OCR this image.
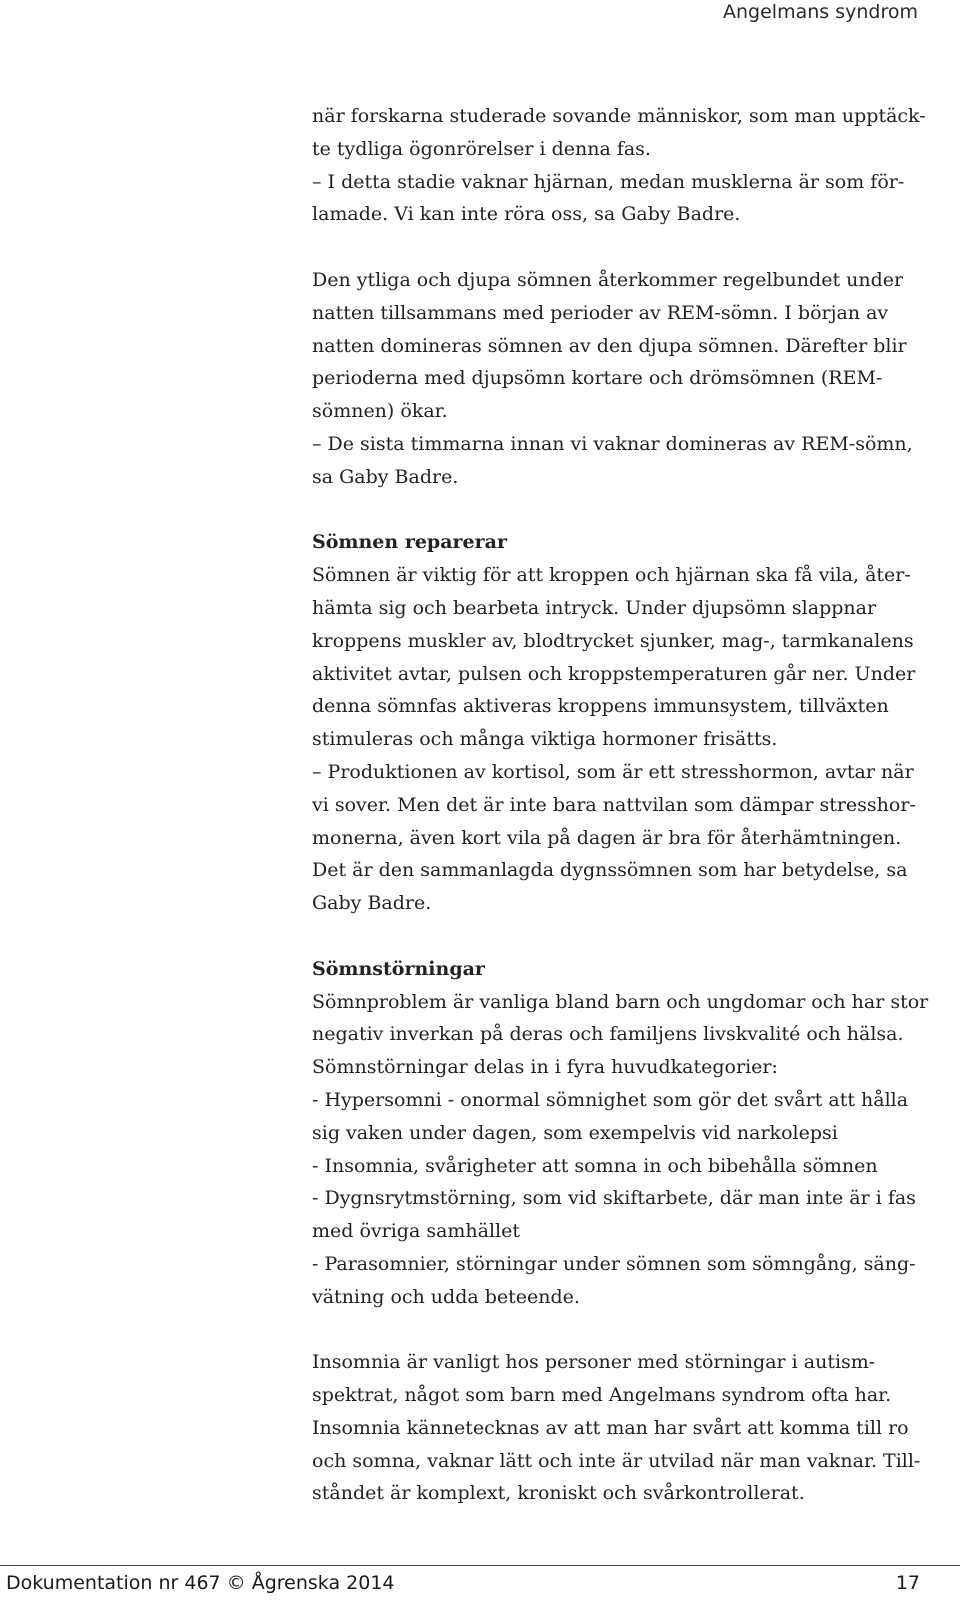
Angelmans syndrom
när forskarna studerade sovande människor, som man upptäck-
te tydliga ögonrörelser i denna fas.
– I detta stadie vaknar hjärnan, medan musklerna är som för-
lamade. Vi kan inte röra oss, sa Gaby Badre.
Den ytliga och djupa sömnen återkommer regelbundet under
natten tillsammans med perioder av REM-sömn. I början av
natten domineras sömnen av den djupa sömnen. Därefter blir
perioderna med djupsömn kortare och drömsömnen (REM-
sömnen) ökar.
– De sista timmarna innan vi vaknar domineras av REM-sömn,
sa Gaby Badre.
Sömnen reparerar
Sömnen är viktig för att kroppen och hjärnan ska få vila, åter-
hämta sig och bearbeta intryck. Under djupsömn slappnar
kroppens muskler av, blodtrycket sjunker, mag-, tarmkanalens
aktivitet avtar, pulsen och kroppstemperaturen går ner. Under
denna sömnfas aktiveras kroppens immunsystem, tillväxten
stimuleras och många viktiga hormoner frisätts.
– Produktionen av kortisol, som är ett stresshormon, avtar när
vi sover. Men det är inte bara nattvilan som dämpar stresshor-
monerna, även kort vila på dagen är bra för återhämtningen.
Det är den sammanlagda dygnssömnen som har betydelse, sa
Gaby Badre.
Sömnstörningar
Sömnproblem är vanliga bland barn och ungdomar och har stor
negativ inverkan på deras och familjens livskvalité och hälsa.
Sömnstörningar delas in i fyra huvudkategorier:
- Hypersomni - onormal sömnighet som gör det svårt att hålla
sig vaken under dagen, som exempelvis vid narkolepsi
- Insomnia, svårigheter att somna in och bibehålla sömnen
- Dygnsrytmstörning, som vid skiftarbete, där man inte är i fas
med övriga samhället
- Parasomnier, störningar under sömnen som sömngång, säng-
vätning och udda beteende.
Insomnia är vanligt hos personer med störningar i autism-
spektrat, något som barn med Angelmans syndrom ofta har.
Insomnia kännetecknas av att man har svårt att komma till ro
och somna, vaknar lätt och inte är utvilad när man vaknar. Till-
ståndet är komplext, kroniskt och svårkontrollerat.
Dokumentation nr 467 © Ågrenska 2014	17
